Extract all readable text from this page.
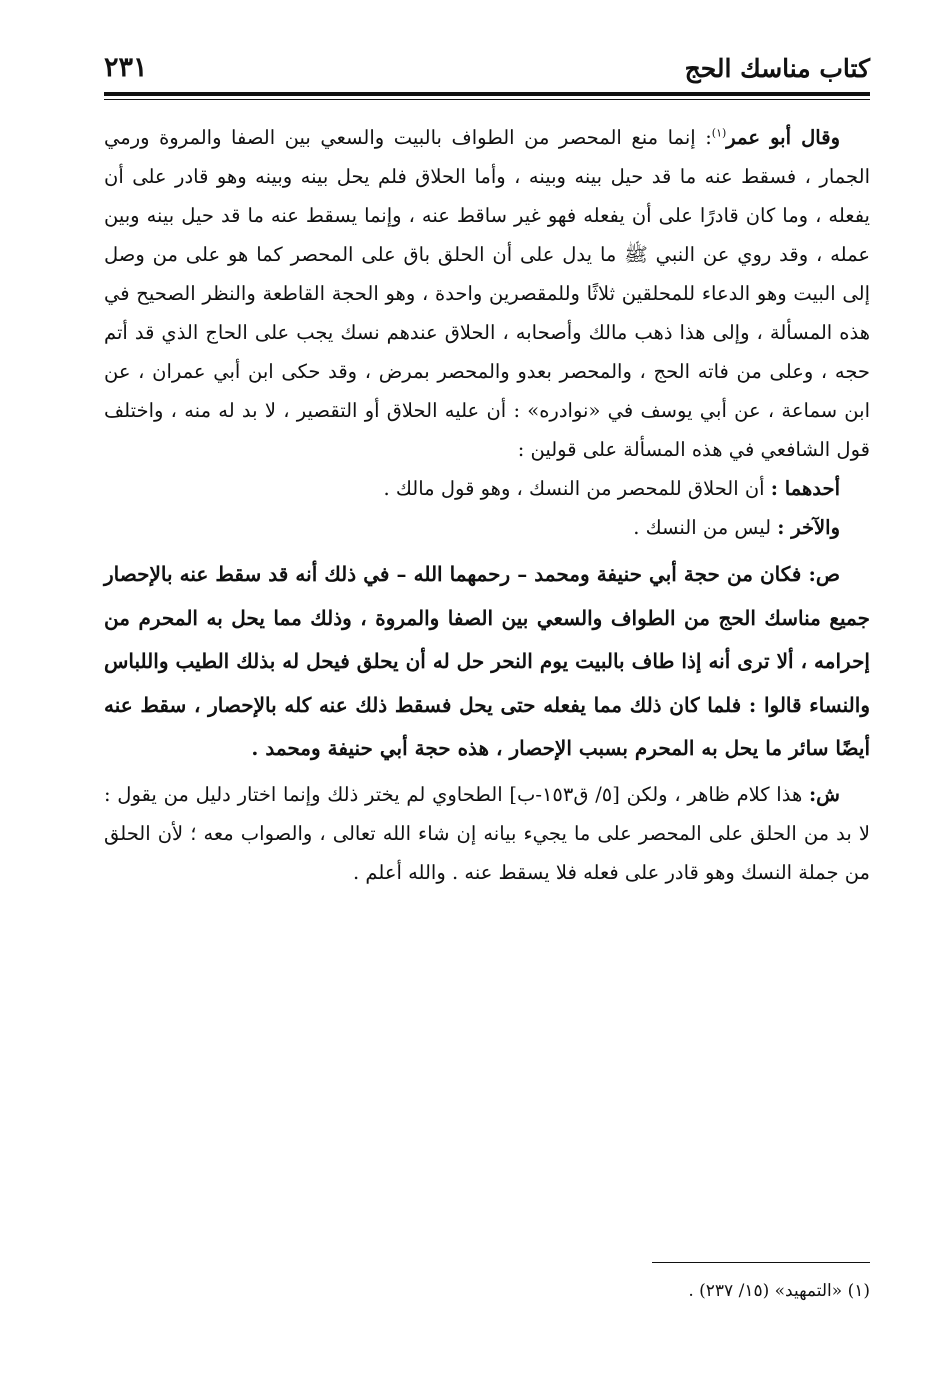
كتاب مناسك الحج
٢٣١

وقال أبو عمر$^{(١)}$: إنما منع المحصر من الطواف بالبيت والسعي بين الصفا والمروة ورمي الجمار ، فسقط عنه ما قد حيل بينه وبينه ، وأما الحلاق فلم يحل بينه وبينه وهو قادر على أن يفعله ، وما كان قادرًا على أن يفعله فهو غير ساقط عنه ، وإنما يسقط عنه ما قد حيل بينه وبين عمله ، وقد روي عن النبي ﷺ ما يدل على أن الحلق باق على المحصر كما هو على من وصل إلى البيت وهو الدعاء للمحلقين ثلاثًا وللمقصرين واحدة ، وهو الحجة القاطعة والنظر الصحيح في هذه المسألة ، وإلى هذا ذهب مالك وأصحابه ، الحلاق عندهم نسك يجب على الحاج الذي قد أتم حجه ، وعلى من فاته الحج ، والمحصر بعدو والمحصر بمرض ، وقد حكى ابن أبي عمران ، عن ابن سماعة ، عن أبي يوسف في «نوادره» : أن عليه الحلاق أو التقصير ، لا بد له منه ، واختلف قول الشافعي في هذه المسألة على قولين :

أحدهما : أن الحلاق للمحصر من النسك ، وهو قول مالك .

والآخر : ليس من النسك .

ص: فكان من حجة أبي حنيفة ومحمد – رحمهما الله – في ذلك أنه قد سقط عنه بالإحصار جميع مناسك الحج من الطواف والسعي بين الصفا والمروة ، وذلك مما يحل به المحرم من إحرامه ، ألا ترى أنه إذا طاف بالبيت يوم النحر حل له أن يحلق فيحل له بذلك الطيب واللباس والنساء قالوا : فلما كان ذلك مما يفعله حتى يحل فسقط ذلك عنه كله بالإحصار ، سقط عنه أيضًا سائر ما يحل به المحرم بسبب الإحصار ، هذه حجة أبي حنيفة ومحمد .

ش: هذا كلام ظاهر ، ولكن [٥/ ق١٥٣-ب] الطحاوي لم يختر ذلك وإنما اختار دليل من يقول : لا بد من الحلق على المحصر على ما يجيء بيانه إن شاء الله تعالى ، والصواب معه ؛ لأن الحلق من جملة النسك وهو قادر على فعله فلا يسقط عنه . والله أعلم .

(١) «التمهيد» (١٥/ ٢٣٧) .
